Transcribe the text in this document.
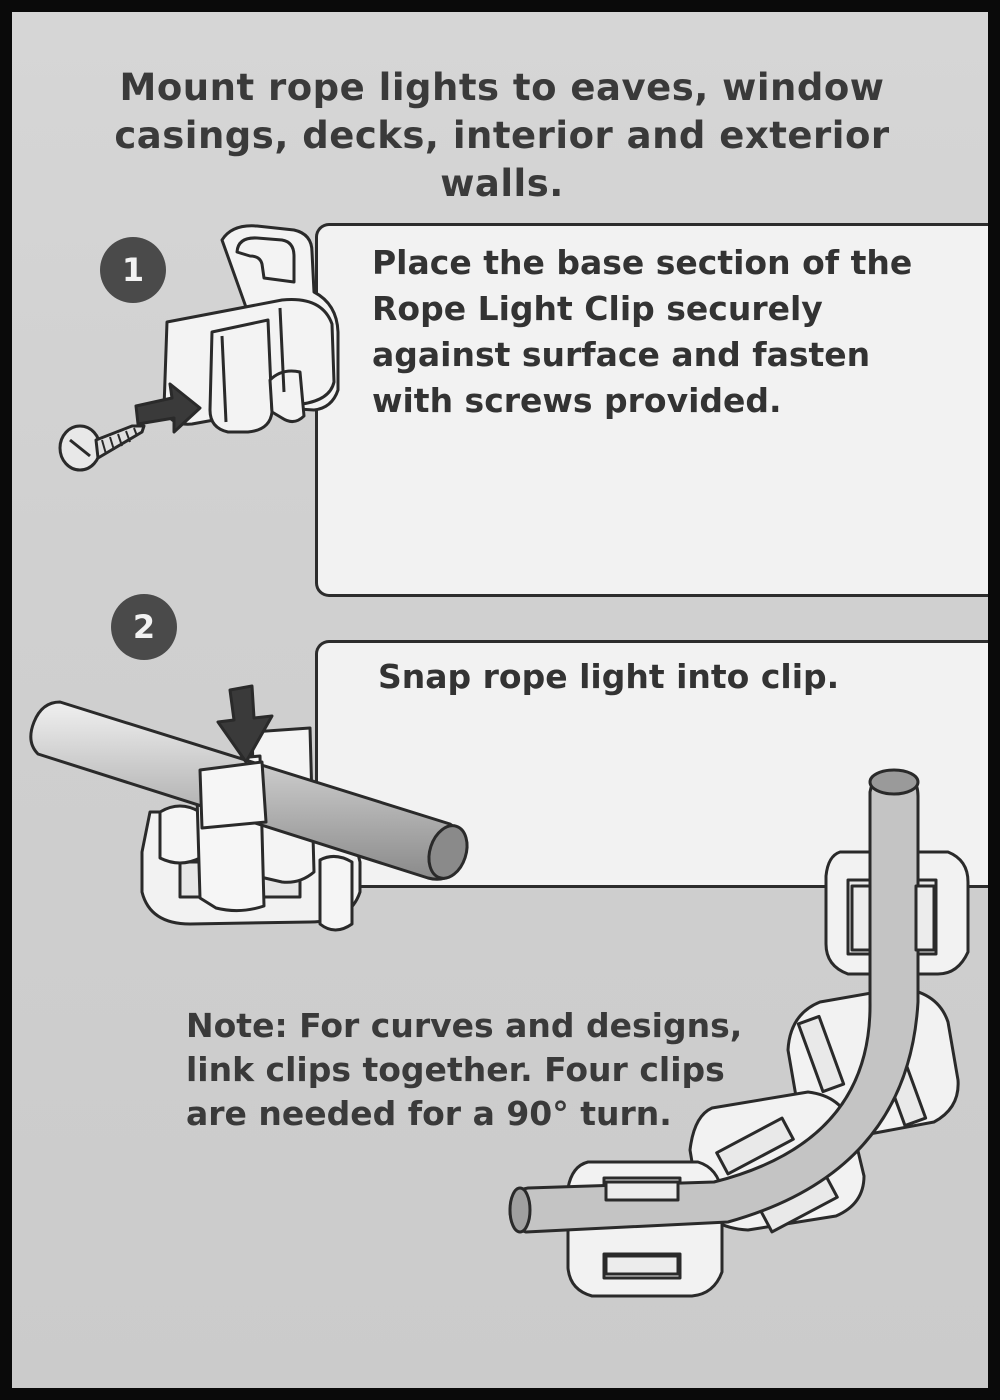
Mount rope lights to eaves, window casings, decks, interior and exterior walls.
1	Place the base section of the Rope Light Clip securely against surface and fasten with screws provided.
2
Snap rope light into clip.
Note: For curves and designs, link clips together. Four clips are needed for a 90° turn.
